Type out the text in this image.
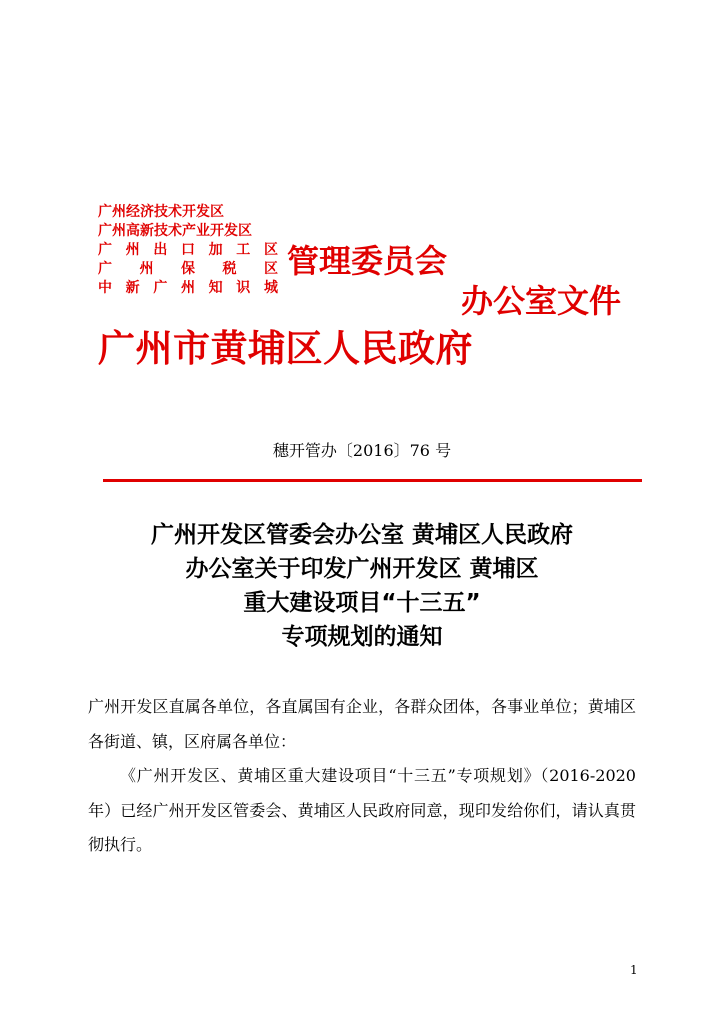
广州经济技术开发区
广州高新技术产业开发区
广 州 出 口 加 工 区
广 州 保 税 区
中 新 广 州 知 识 城
管理委员会
办公室文件
广州市黄埔区人民政府
穗开管办〔2016〕76 号
广州开发区管委会办公室 黄埔区人民政府
办公室关于印发广州开发区 黄埔区
重大建设项目“十三五”
专项规划的通知

广州开发区直属各单位，各直属国有企业，各群众团体，各事业单位；黄埔区各街道、镇，区府属各单位：

《广州开发区、黄埔区重大建设项目“十三五”专项规划》（2016-2020 年）已经广州开发区管委会、黄埔区人民政府同意，现印发给你们，请认真贯彻执行。

1
